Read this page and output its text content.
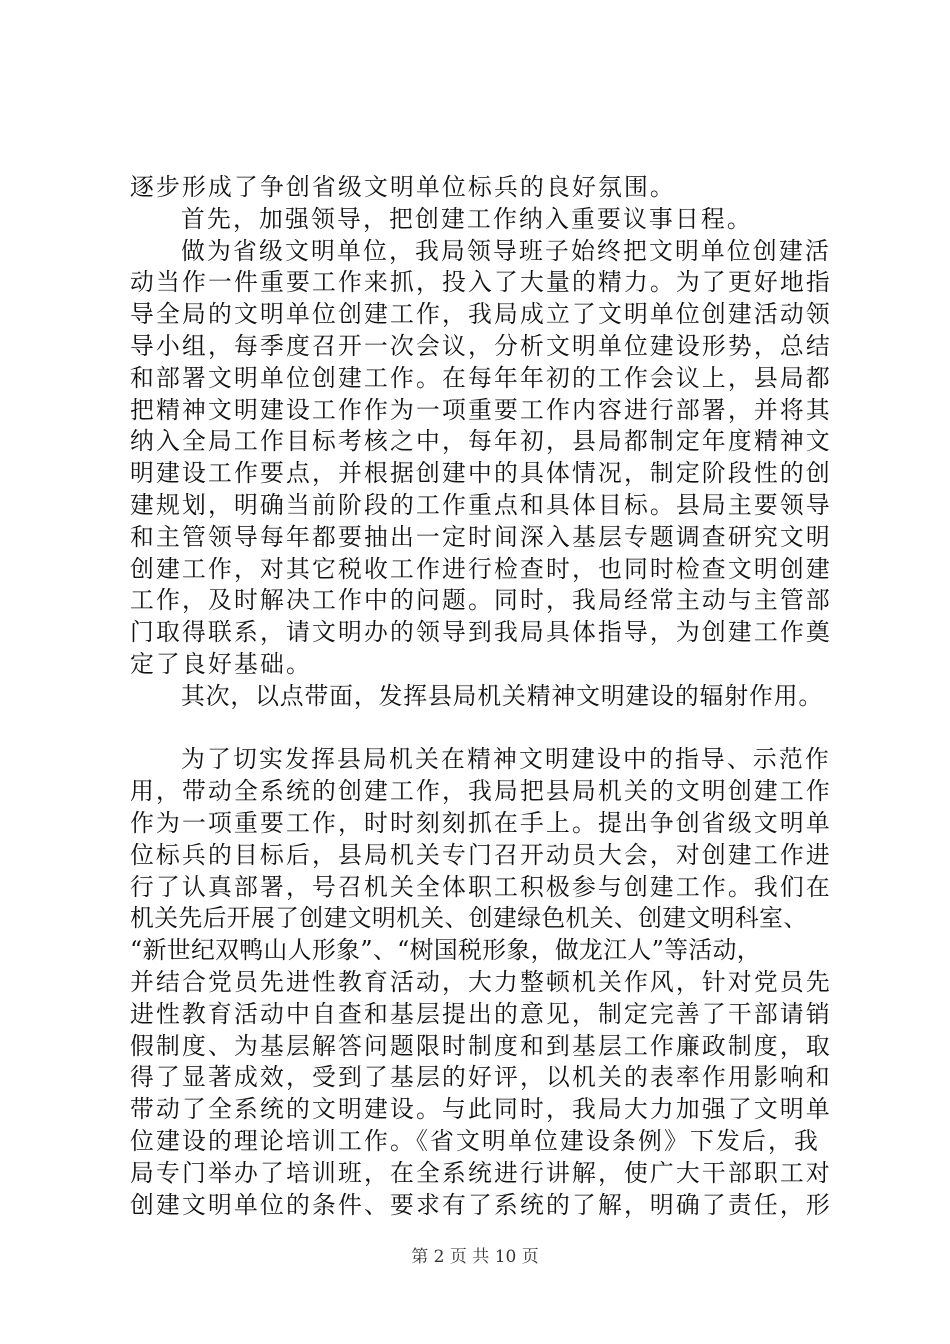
逐步形成了争创省级文明单位标兵的良好氛围。
首先，加强领导，把创建工作纳入重要议事日程。
做为省级文明单位，我局领导班子始终把文明单位创建活
动当作一件重要工作来抓，投入了大量的精力。为了更好地指
导全局的文明单位创建工作，我局成立了文明单位创建活动领
导小组，每季度召开一次会议，分析文明单位建设形势，总结
和部署文明单位创建工作。在每年年初的工作会议上，县局都
把精神文明建设工作作为一项重要工作内容进行部署，并将其
纳入全局工作目标考核之中，每年初，县局都制定年度精神文
明建设工作要点，并根据创建中的具体情况，制定阶段性的创
建规划，明确当前阶段的工作重点和具体目标。县局主要领导
和主管领导每年都要抽出一定时间深入基层专题调查研究文明
创建工作，对其它税收工作进行检查时，也同时检查文明创建
工作，及时解决工作中的问题。同时，我局经常主动与主管部
门取得联系，请文明办的领导到我局具体指导，为创建工作奠
定了良好基础。
其次，以点带面，发挥县局机关精神文明建设的辐射作用。
为了切实发挥县局机关在精神文明建设中的指导、示范作
用，带动全系统的创建工作，我局把县局机关的文明创建工作
作为一项重要工作，时时刻刻抓在手上。提出争创省级文明单
位标兵的目标后，县局机关专门召开动员大会，对创建工作进
行了认真部署，号召机关全体职工积极参与创建工作。我们在
机关先后开展了创建文明机关、创建绿色机关、创建文明科室、
“新世纪双鸭山人形象”、“树国税形象，做龙江人”等活动，
并结合党员先进性教育活动，大力整顿机关作风，针对党员先
进性教育活动中自查和基层提出的意见，制定完善了干部请销
假制度、为基层解答问题限时制度和到基层工作廉政制度，取
得了显著成效，受到了基层的好评，以机关的表率作用影响和
带动了全系统的文明建设。与此同时，我局大力加强了文明单
位建设的理论培训工作。《省文明单位建设条例》下发后，我
局专门举办了培训班，在全系统进行讲解，使广大干部职工对
创建文明单位的条件、要求有了系统的了解，明确了责任，形
第 2 页 共 10 页
